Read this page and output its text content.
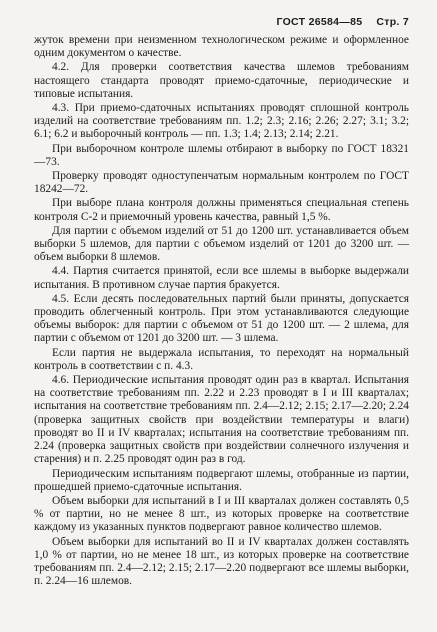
ГОСТ 26584—85 Стр. 7

жуток времени при неизменном технологическом режиме и оформленное одним документом о качестве.

4.2. Для проверки соответствия качества шлемов требованиям настоящего стандарта проводят приемо-сдаточные, периодические и типовые испытания.

4.3. При приемо-сдаточных испытаниях проводят сплошной контроль изделий на соответствие требованиям пп. 1.2; 2.3; 2.16; 2.26; 2.27; 3.1; 3.2; 6.1; 6.2 и выборочный контроль — пп. 1.3; 1.4; 2.13; 2.14; 2.21.

При выборочном контроле шлемы отбирают в выборку по ГОСТ 18321—73.

Проверку проводят одноступенчатым нормальным контролем по ГОСТ 18242—72.

При выборе плана контроля должны применяться специальная степень контроля С-2 и приемочный уровень качества, равный 1,5 %.

Для партии с объемом изделий от 51 до 1200 шт. устанавливается объем выборки 5 шлемов, для партии с объемом изделий от 1201 до 3200 шт. — объем выборки 8 шлемов.

4.4. Партия считается принятой, если все шлемы в выборке выдержали испытания. В противном случае партия бракуется.

4.5. Если десять последовательных партий были приняты, допускается проводить облегченный контроль. При этом устанавливаются следующие объемы выборок: для партии с объемом от 51 до 1200 шт. — 2 шлема, для партии с объемом от 1201 до 3200 шт. — 3 шлема.

Если партия не выдержала испытания, то переходят на нормальный контроль в соответствии с п. 4.3.

4.6. Периодические испытания проводят один раз в квартал. Испытания на соответствие требованиям пп. 2.22 и 2.23 проводят в I и III кварталах; испытания на соответствие требованиям пп. 2.4—2.12; 2.15; 2.17—2.20; 2.24 (проверка защитных свойств при воздействии температуры и влаги) проводят во II и IV кварталах; испытания на соответствие требованиям пп. 2.24 (проверка защитных свойств при воздействии солнечного излучения и старения) и п. 2.25 проводят один раз в год.

Периодическим испытаниям подвергают шлемы, отобранные из партии, прошедшей приемо-сдаточные испытания.

Объем выборки для испытаний в I и III кварталах должен составлять 0,5 % от партии, но не менее 8 шт., из которых проверке на соответствие каждому из указанных пунктов подвергают равное количество шлемов.

Объем выборки для испытаний во II и IV кварталах должен составлять 1,0 % от партии, но не менее 18 шт., из которых проверке на соответствие требованиям пп. 2.4—2.12; 2.15; 2.17—2.20 подвергают все шлемы выборки, п. 2.24—16 шлемов.
